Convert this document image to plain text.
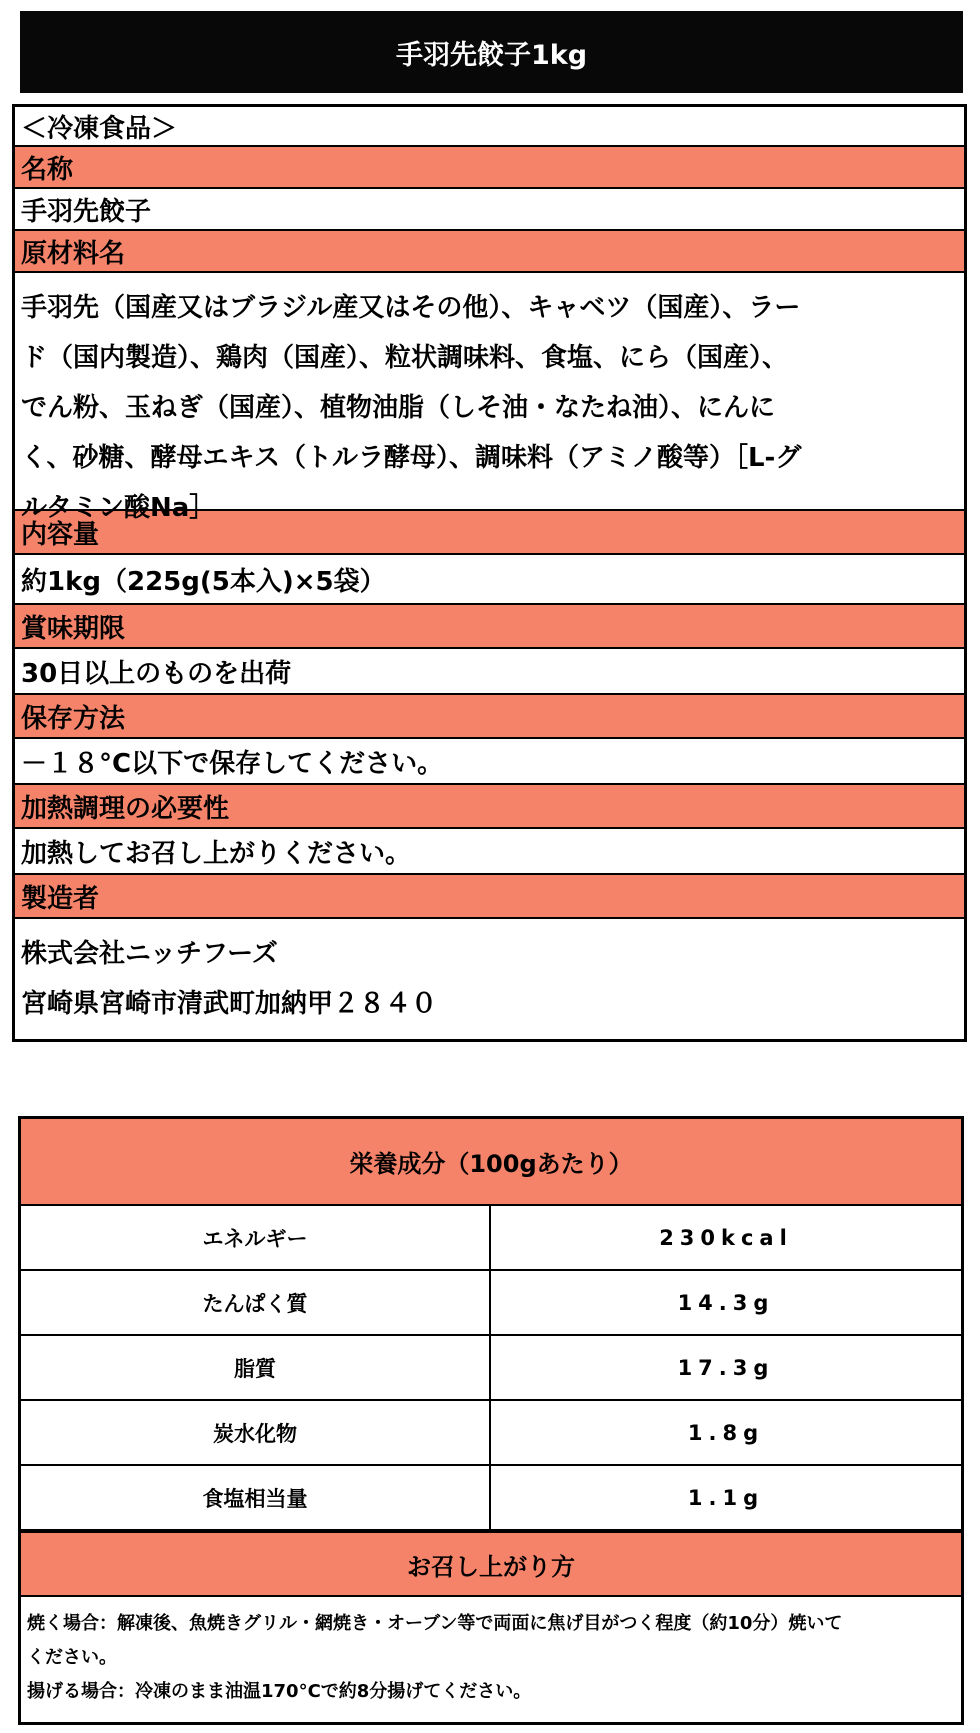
手羽先餃子1kg
＜冷凍食品＞
名称
手羽先餃子
原材料名
手羽先（国産又はブラジル産又はその他）、キャベツ（国産）、ラー
ド（国内製造）、鶏肉（国産）、粒状調味料、食塩、にら（国産）、
でん粉、玉ねぎ（国産）、植物油脂（しそ油・なたね油）、にんに
く、砂糖、酵母エキス（トルラ酵母）、調味料（アミノ酸等）［L-グ
ルタミン酸Na］
内容量
約1kg（225g(5本入)×5袋）
賞味期限
30日以上のものを出荷
保存方法
－１８°C以下で保存してください。
加熱調理の必要性
加熱してお召し上がりください。
製造者
株式会社ニッチフーズ
宮崎県宮崎市清武町加納甲２８４０
栄養成分（100gあたり）
エネルギー	230kcal
たんぱく質	14.3g
脂質	17.3g
炭水化物	1.8g
食塩相当量	1.1g
お召し上がり方
焼く場合：解凍後、魚焼きグリル・網焼き・オーブン等で両面に焦げ目がつく程度（約10分）焼いて
ください。
揚げる場合：冷凍のまま油温170°Cで約8分揚げてください。
